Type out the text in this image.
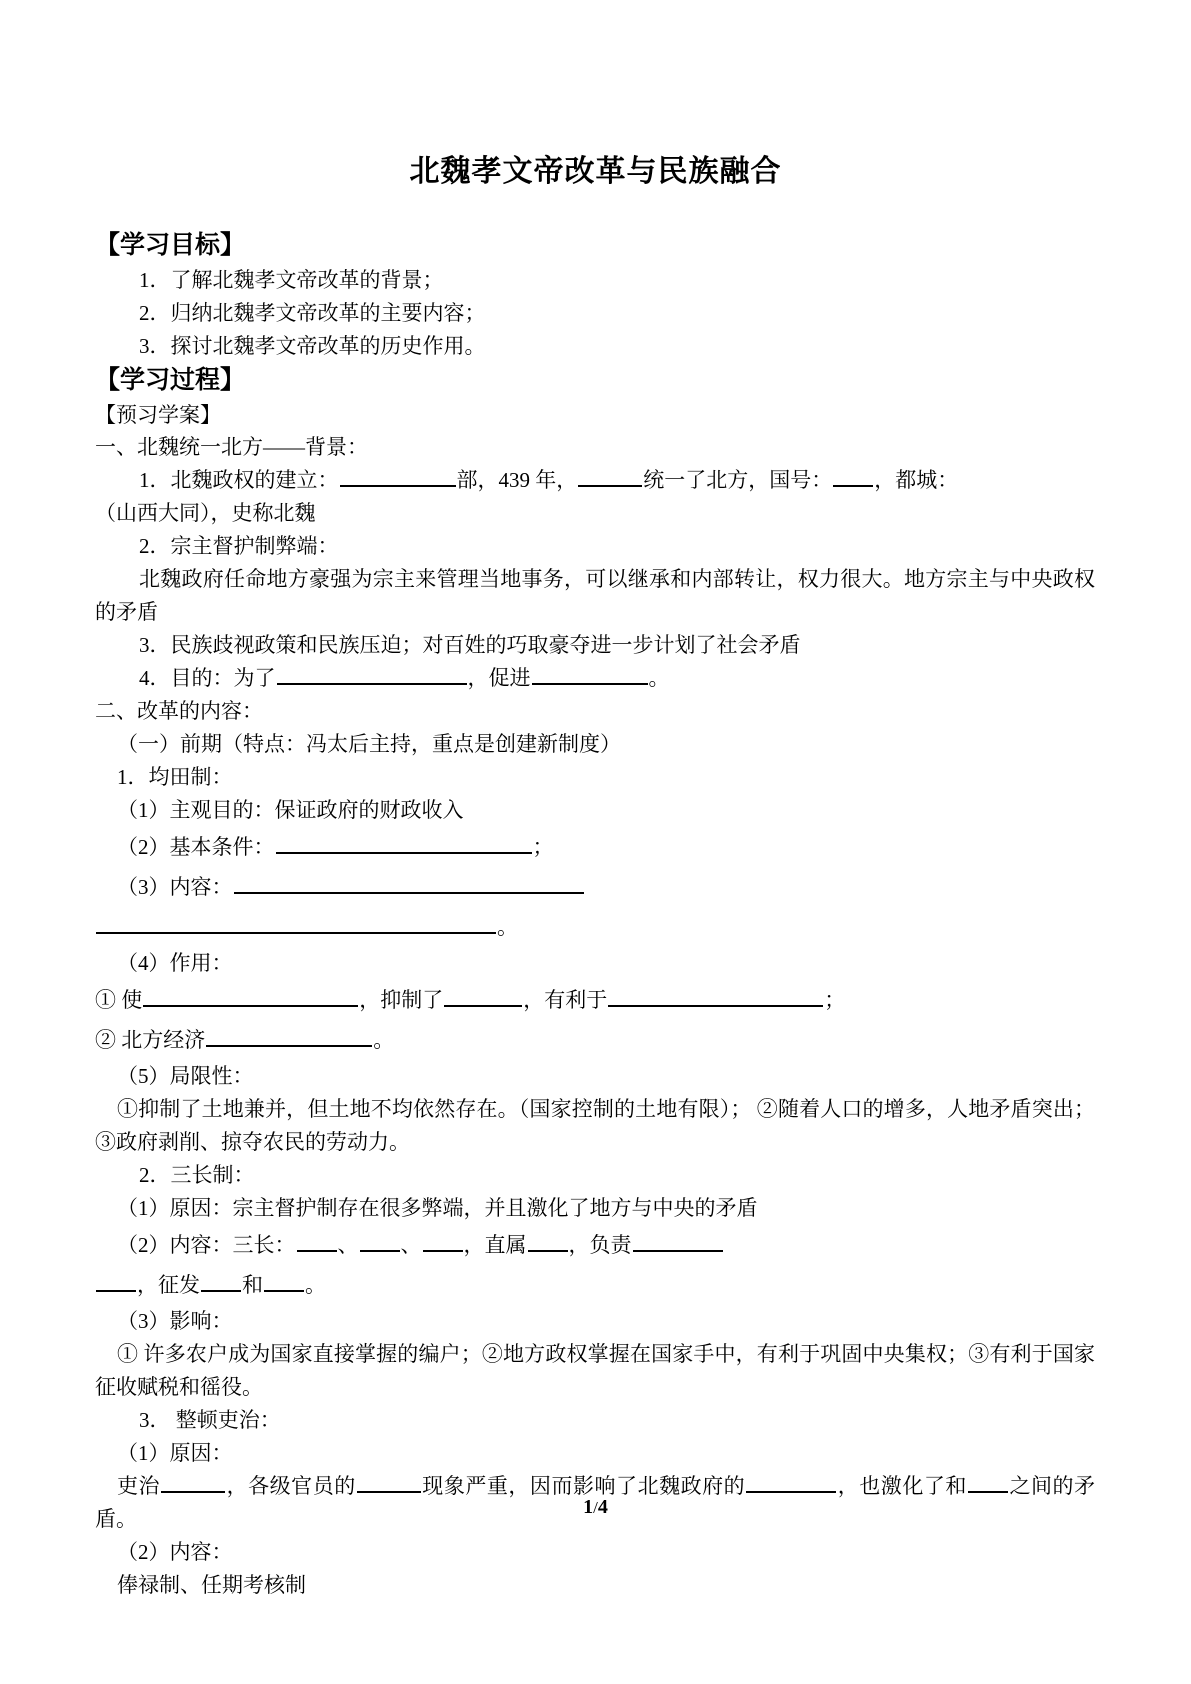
北魏孝文帝改革与民族融合

【学习目标】

1．了解北魏孝文帝改革的背景；

2．归纳北魏孝文帝改革的主要内容；

3．探讨北魏孝文帝改革的历史作用。

【学习过程】

【预习学案】

一、北魏统一北方——背景：

1．北魏政权的建立：	部，439 年，	统一了北方，国号： ，都城：

（山西大同），史称北魏

2．宗主督护制弊端：

北魏政府任命地方豪强为宗主来管理当地事务，可以继承和内部转让，权力很大。地方宗主与中央政权的矛盾

3．民族歧视政策和民族压迫；对百姓的巧取豪夺进一步计划了社会矛盾

4．目的：为了	，促进	。

二、改革的内容：

（一）前期（特点：冯太后主持，重点是创建新制度）

1．均田制：

（1）主观目的：保证政府的财政收入

（2）基本条件：	；

（3）内容：

。

（4）作用：

① 使	，抑制了	，有利于	；

② 北方经济	。

（5）局限性：

①抑制了土地兼并，但土地不均依然存在。（国家控制的土地有限）； ②随着人口的增多，人地矛盾突出；③政府剥削、掠夺农民的劳动力。

2．三长制：

（1）原因：宗主督护制存在很多弊端，并且激化了地方与中央的矛盾

（2）内容：三长： 、 、 ，直属 ，负责

，征发 和 。

（3）影响：

① 许多农户成为国家直接掌握的编户；②地方政权掌握在国家手中，有利于巩固中央集权；③有利于国家征收赋税和徭役。

3． 整顿吏治：

（1）原因：

吏治	，各级官员的	现象严重，因而影响了北魏政府的	，也激化了和 之间的矛盾。

（2）内容：

俸禄制、任期考核制

1/4
